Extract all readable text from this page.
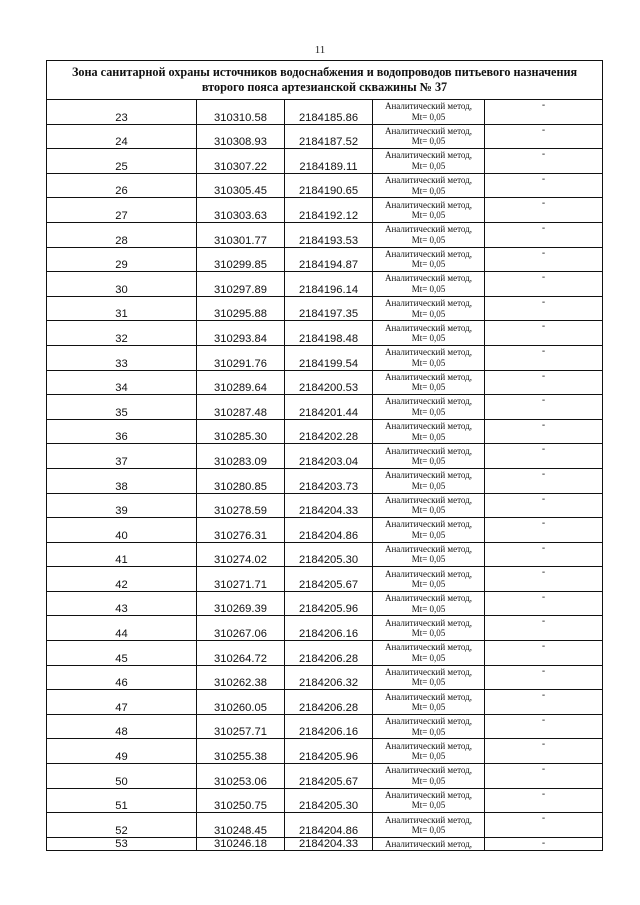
11
Зона санитарной охраны источников водоснабжения и водопроводов питьевого назначения
второго пояса артезианской скважины № 37				
23	310310.58	2184185.86	Аналитический метод,
Mt= 0,05	-
24	310308.93	2184187.52	Аналитический метод,
Mt= 0,05	-
25	310307.22	2184189.11	Аналитический метод,
Mt= 0,05	-
26	310305.45	2184190.65	Аналитический метод,
Mt= 0,05	-
27	310303.63	2184192.12	Аналитический метод,
Mt= 0,05	-
28	310301.77	2184193.53	Аналитический метод,
Mt= 0,05	-
29	310299.85	2184194.87	Аналитический метод,
Mt= 0,05	-
30	310297.89	2184196.14	Аналитический метод,
Mt= 0,05	-
31	310295.88	2184197.35	Аналитический метод,
Mt= 0,05	-
32	310293.84	2184198.48	Аналитический метод,
Mt= 0,05	-
33	310291.76	2184199.54	Аналитический метод,
Mt= 0,05	-
34	310289.64	2184200.53	Аналитический метод,
Mt= 0,05	-
35	310287.48	2184201.44	Аналитический метод,
Mt= 0,05	-
36	310285.30	2184202.28	Аналитический метод,
Mt= 0,05	-
37	310283.09	2184203.04	Аналитический метод,
Mt= 0,05	-
38	310280.85	2184203.73	Аналитический метод,
Mt= 0,05	-
39	310278.59	2184204.33	Аналитический метод,
Mt= 0,05	-
40	310276.31	2184204.86	Аналитический метод,
Mt= 0,05	-
41	310274.02	2184205.30	Аналитический метод,
Mt= 0,05	-
42	310271.71	2184205.67	Аналитический метод,
Mt= 0,05	-
43	310269.39	2184205.96	Аналитический метод,
Mt= 0,05	-
44	310267.06	2184206.16	Аналитический метод,
Mt= 0,05	-
45	310264.72	2184206.28	Аналитический метод,
Mt= 0,05	-
46	310262.38	2184206.32	Аналитический метод,
Mt= 0,05	-
47	310260.05	2184206.28	Аналитический метод,
Mt= 0,05	-
48	310257.71	2184206.16	Аналитический метод,
Mt= 0,05	-
49	310255.38	2184205.96	Аналитический метод,
Mt= 0,05	-
50	310253.06	2184205.67	Аналитический метод,
Mt= 0,05	-
51	310250.75	2184205.30	Аналитический метод,
Mt= 0,05	-
52	310248.45	2184204.86	Аналитический метод,
Mt= 0,05	-
53	310246.18	2184204.33	Аналитический метод,	-
